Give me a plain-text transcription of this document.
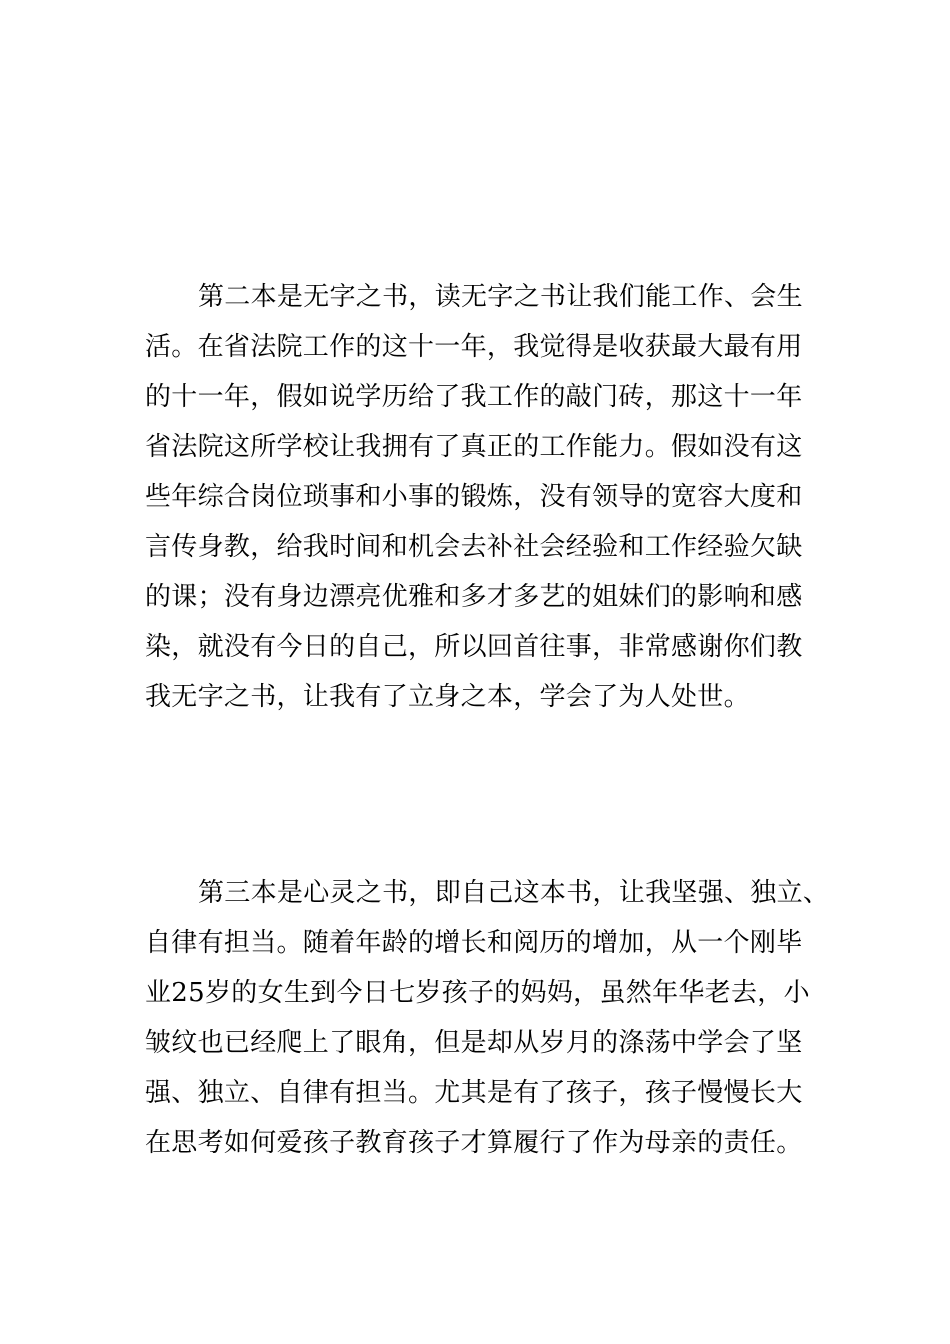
第二本是无字之书，读无字之书让我们能工作、会生
活。在省法院工作的这十一年，我觉得是收获最大最有用
的十一年，假如说学历给了我工作的敲门砖，那这十一年
省法院这所学校让我拥有了真正的工作能力。假如没有这
些年综合岗位琐事和小事的锻炼，没有领导的宽容大度和
言传身教，给我时间和机会去补社会经验和工作经验欠缺
的课；没有身边漂亮优雅和多才多艺的姐妹们的影响和感
染，就没有今日的自己，所以回首往事，非常感谢你们教
我无字之书，让我有了立身之本，学会了为人处世。
第三本是心灵之书，即自己这本书，让我坚强、独立、
自律有担当。随着年龄的增长和阅历的增加，从一个刚毕
业25岁的女生到今日七岁孩子的妈妈，虽然年华老去，小
皱纹也已经爬上了眼角，但是却从岁月的涤荡中学会了坚
强、独立、自律有担当。尤其是有了孩子，孩子慢慢长大
在思考如何爱孩子教育孩子才算履行了作为母亲的责任。
